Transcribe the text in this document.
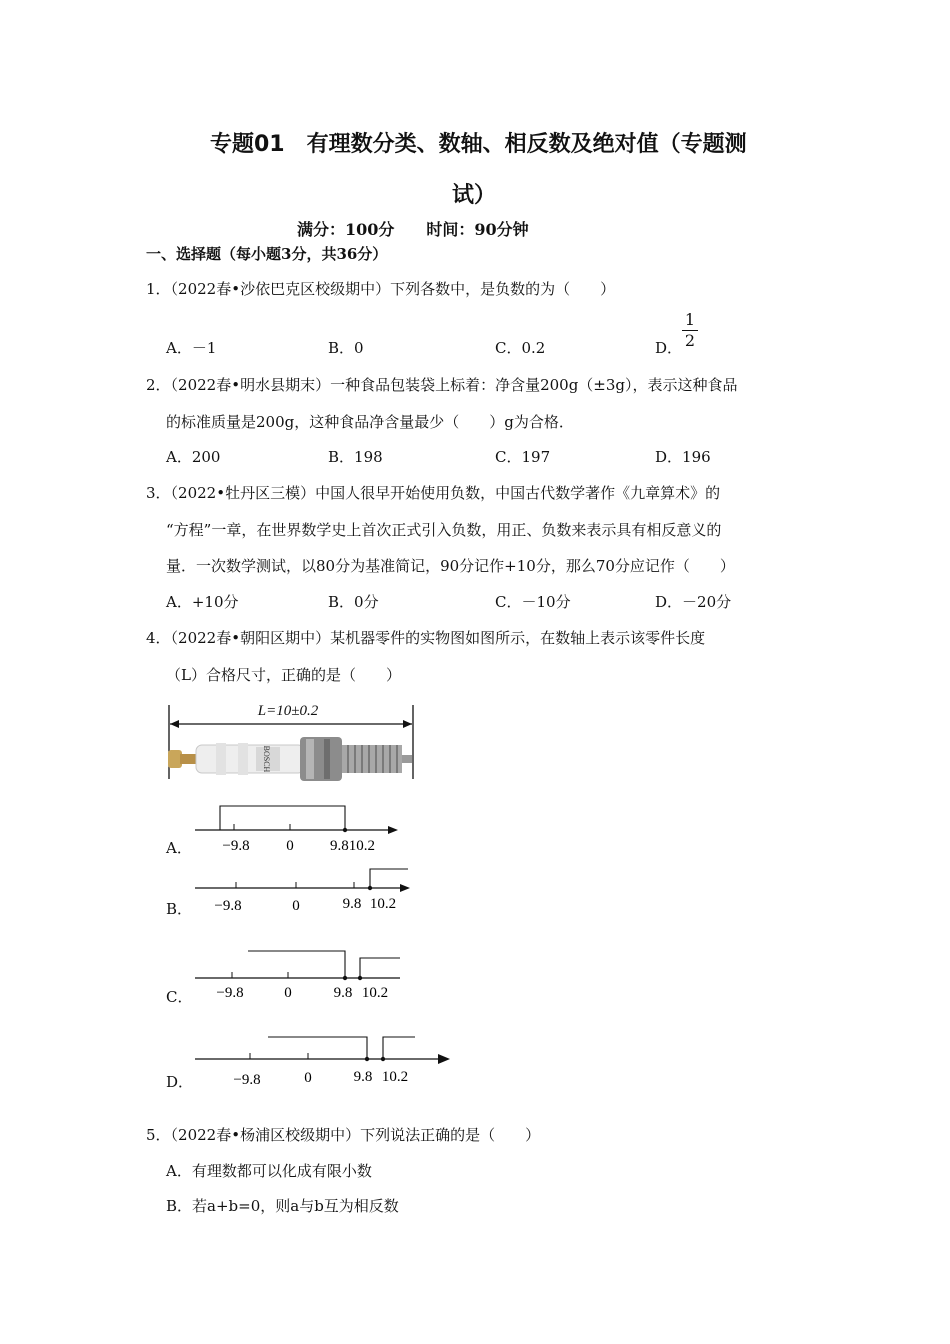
专题01　有理数分类、数轴、相反数及绝对值（专题测
试）
满分：100分　　时间：90分钟
一、选择题（每小题3分，共36分）
1．（2022春•沙依巴克区校级期中）下列各数中，是负数的为（　　）
A．－1	B．0	C．0.2	D．
1
2
2．（2022春•明水县期末）一种食品包装袋上标着：净含量200g（±3g），表示这种食品
的标准质量是200g，这种食品净含量最少（　　）g为合格．
A．200	B．198	C．197	D．196
3．（2022•牡丹区三模）中国人很早开始使用负数，中国古代数学著作《九章算术》的
“方程”一章，在世界数学史上首次正式引入负数，用正、负数来表示具有相反意义的
量．一次数学测试，以80分为基准简记，90分记作+10分，那么70分应记作（　　）
A．+10分	B．0分	C．－10分	D．－20分
4．（2022春•朝阳区期中）某机器零件的实物图如图所示，在数轴上表示该零件长度
（L）合格尺寸，正确的是（　　）
L=10±0.2
BOSCH
A． −9.8 0 9.810.2
B． −9.8	0	9.8 10.2
C． −9.8	0	9.8 10.2
D．	−9.8	0	9.8 10.2
5．（2022春•杨浦区校级期中）下列说法正确的是（　　）
A．有理数都可以化成有限小数
B．若a+b=0，则a与b互为相反数
